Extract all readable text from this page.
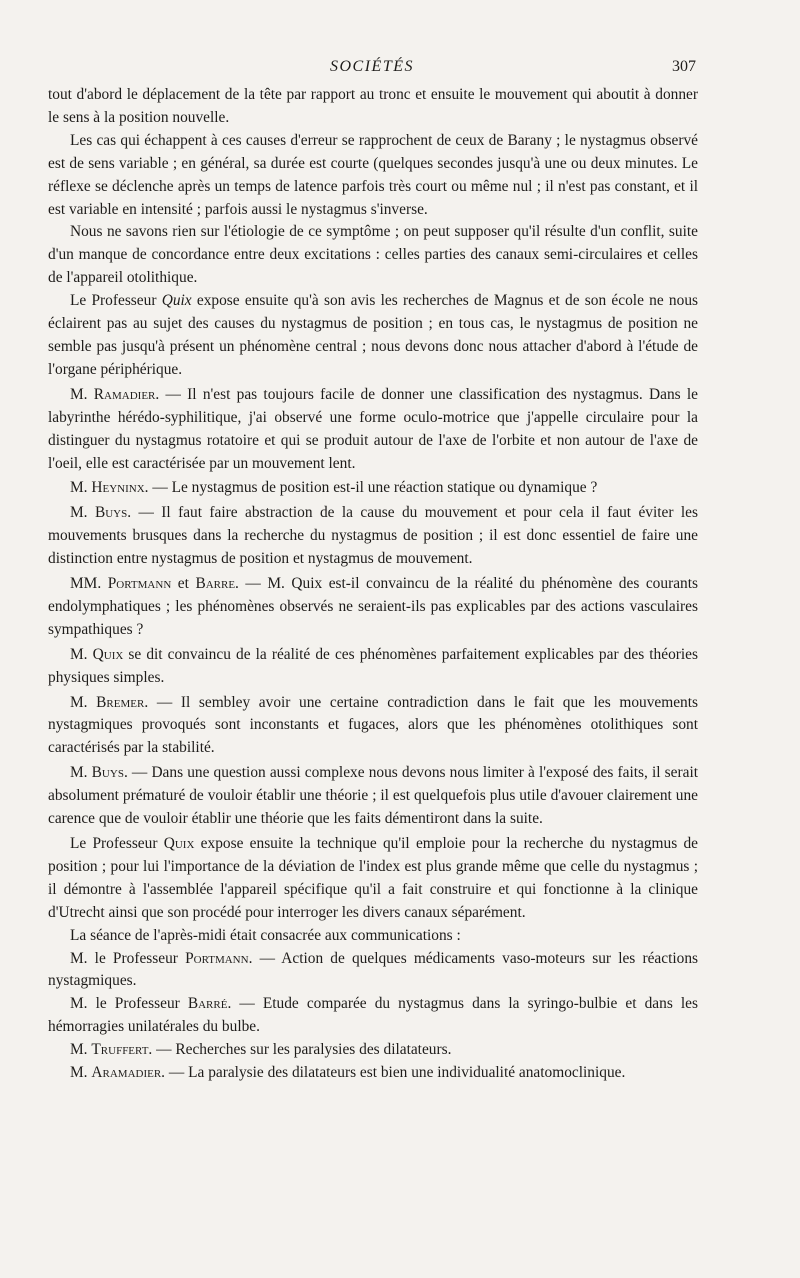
SOCIÉTÉS	307

tout d'abord le déplacement de la tête par rapport au tronc et ensuite le mouvement qui aboutit à donner le sens à la position nouvelle.

Les cas qui échappent à ces causes d'erreur se rapprochent de ceux de Barany ; le nystagmus observé est de sens variable ; en général, sa durée est courte (quelques secondes jusqu'à une ou deux minutes. Le réflexe se déclenche après un temps de latence parfois très court ou même nul ; il n'est pas constant, et il est variable en intensité ; parfois aussi le nystagmus s'inverse.

Nous ne savons rien sur l'étiologie de ce symptôme ; on peut supposer qu'il résulte d'un conflit, suite d'un manque de concordance entre deux excitations : celles parties des canaux semi-circulaires et celles de l'appareil otolithique.

Le Professeur Quix expose ensuite qu'à son avis les recherches de Magnus et de son école ne nous éclairent pas au sujet des causes du nystagmus de position ; en tous cas, le nystagmus de position ne semble pas jusqu'à présent un phénomène central ; nous devons donc nous attacher d'abord à l'étude de l'organe périphérique.

M. Ramadier. — Il n'est pas toujours facile de donner une classification des nystagmus. Dans le labyrinthe hérédo-syphilitique, j'ai observé une forme oculo-motrice que j'appelle circulaire pour la distinguer du nystagmus rotatoire et qui se produit autour de l'axe de l'orbite et non autour de l'axe de l'oeil, elle est caractérisée par un mouvement lent.

M. Heyninx. — Le nystagmus de position est-il une réaction statique ou dynamique ?

M. Buys. — Il faut faire abstraction de la cause du mouvement et pour cela il faut éviter les mouvements brusques dans la recherche du nystagmus de position ; il est donc essentiel de faire une distinction entre nystagmus de position et nystagmus de mouvement.

MM. Portmann et Barre. — M. Quix est-il convaincu de la réalité du phénomène des courants endolymphatiques ; les phénomènes observés ne seraient-ils pas explicables par des actions vasculaires sympathiques ?

M. Quix se dit convaincu de la réalité de ces phénomènes parfaitement explicables par des théories physiques simples.

M. Bremer. — Il sembley avoir une certaine contradiction dans le fait que les mouvements nystagmiques provoqués sont inconstants et fugaces, alors que les phénomènes otolithiques sont caractérisés par la stabilité.

M. Buys. — Dans une question aussi complexe nous devons nous limiter à l'exposé des faits, il serait absolument prématuré de vouloir établir une théorie ; il est quelquefois plus utile d'avouer clairement une carence que de vouloir établir une théorie que les faits démentiront dans la suite.

Le Professeur Quix expose ensuite la technique qu'il emploie pour la recherche du nystagmus de position ; pour lui l'importance de la déviation de l'index est plus grande même que celle du nystagmus ; il démontre à l'assemblée l'appareil spécifique qu'il a fait construire et qui fonctionne à la clinique d'Utrecht ainsi que son procédé pour interroger les divers canaux séparément.

La séance de l'après-midi était consacrée aux communications :

M. le Professeur Portmann. — Action de quelques médicaments vaso-moteurs sur les réactions nystagmiques.

M. le Professeur Barré. — Etude comparée du nystagmus dans la syringo-bulbie et dans les hémorragies unilatérales du bulbe.

M. Truffert. — Recherches sur les paralysies des dilatateurs.

M. Aramadier. — La paralysie des dilatateurs est bien une individualité anatomoclinique.
